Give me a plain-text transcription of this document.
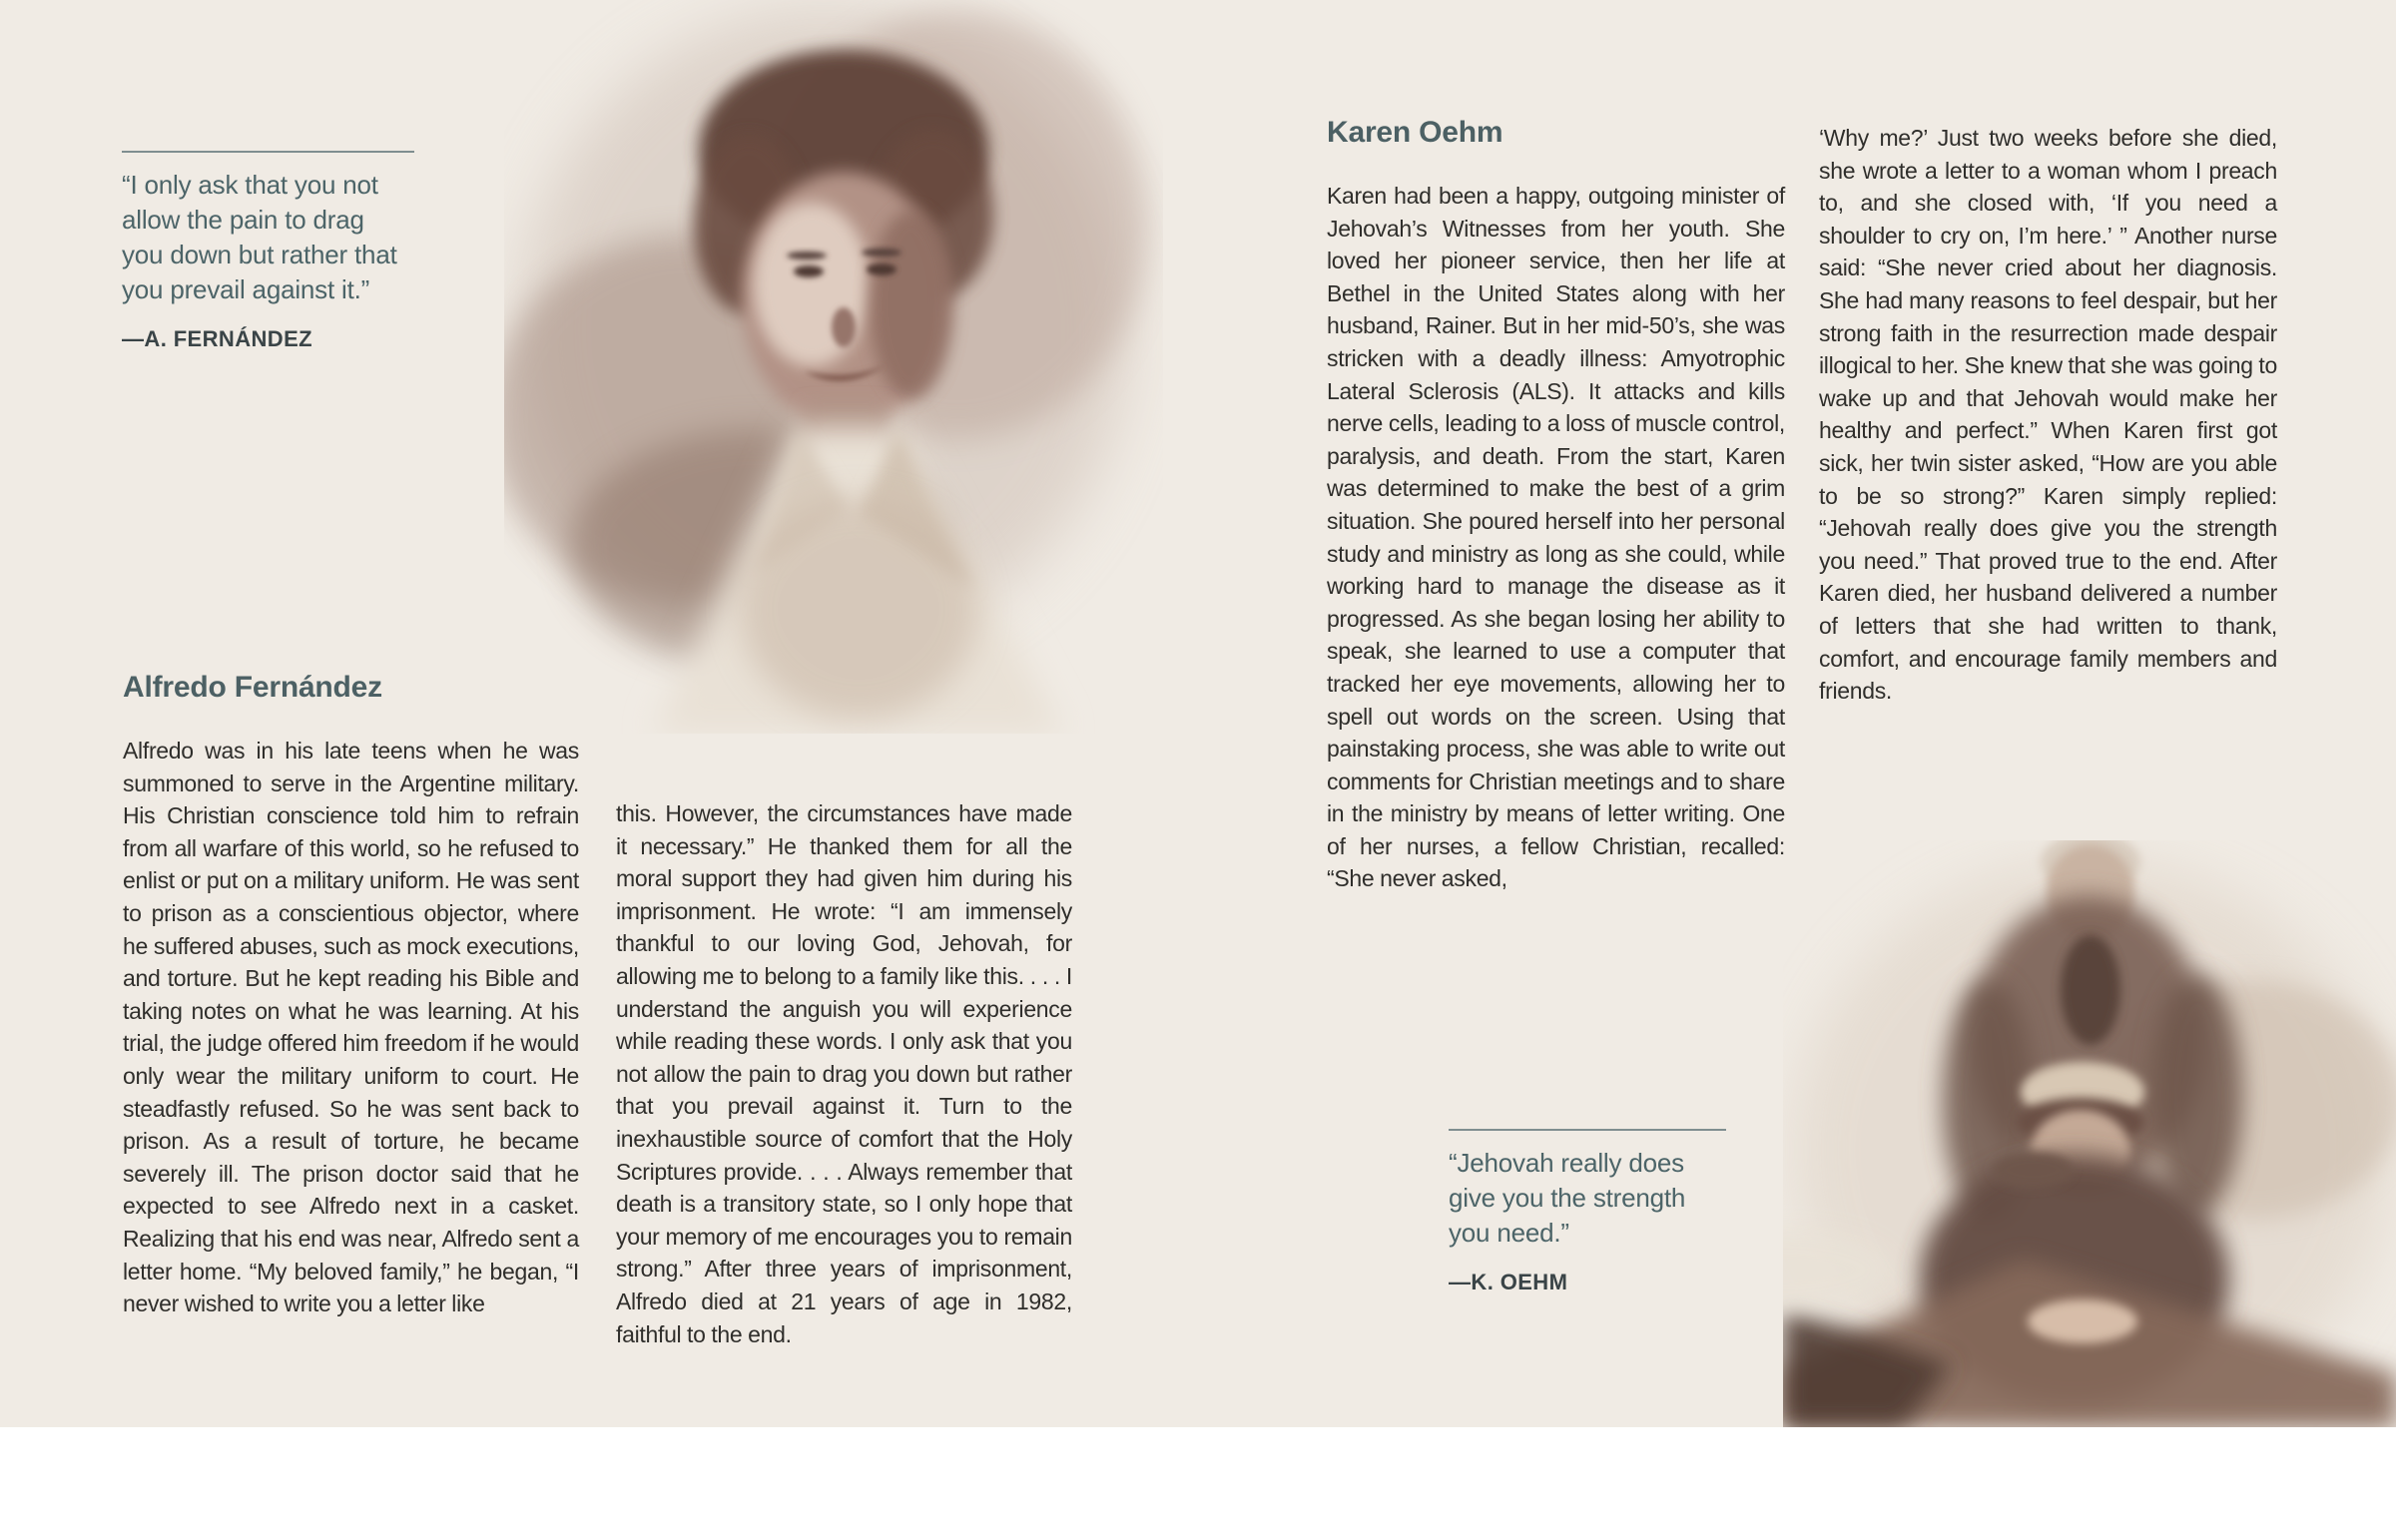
“I only ask that you not
allow the pain to drag
you down but rather that
you prevail against it.”
—A. FERNÁNDEZ
Alfredo Fernández
Alfredo was in his late teens when he was summoned to serve in the Argentine military. His Christian conscience told him to refrain from all warfare of this world, so he refused to enlist or put on a military uniform. He was sent to prison as a conscientious objector, where he suffered abuses, such as mock executions, and torture. But he kept reading his Bible and taking notes on what he was learning. At his trial, the judge offered him freedom if he would only wear the military uniform to court. He steadfastly refused. So he was sent back to prison. As a result of torture, he became severely ill. The prison doctor said that he expected to see Alfredo next in a casket. Realizing that his end was near, Alfredo sent a letter home. “My beloved family,” he began, “I never wished to write you a letter like
this. However, the circumstances have made it necessary.” He thanked them for all the moral support they had given him during his imprisonment. He wrote: “I am immensely thankful to our loving God, Jehovah, for allowing me to belong to a family like this. . . . I understand the anguish you will experience while reading these words. I only ask that you not allow the pain to drag you down but rather that you prevail against it. Turn to the inexhaustible source of comfort that the Holy Scriptures provide. . . . Always remember that death is a transitory state, so I only hope that your memory of me encourages you to remain strong.” After three years of imprisonment, Alfredo died at 21 years of age in 1982, faithful to the end.
Karen Oehm
Karen had been a happy, outgoing minister of Jehovah’s Witnesses from her youth. She loved her pioneer service, then her life at Bethel in the United States along with her husband, Rainer. But in her mid-50’s, she was stricken with a deadly illness: Amyotrophic Lateral Sclerosis (ALS). It attacks and kills nerve cells, leading to a loss of muscle control, paralysis, and death. From the start, Karen was determined to make the best of a grim situation. She poured herself into her personal study and ministry as long as she could, while working hard to manage the disease as it progressed. As she began losing her ability to speak, she learned to use a computer that tracked her eye movements, allowing her to spell out words on the screen. Using that painstaking process, she was able to write out comments for Christian meetings and to share in the ministry by means of letter writing. One of her nurses, a fellow Christian, recalled: “She never asked,
‘Why me?’ Just two weeks before she died, she wrote a letter to a woman whom I preach to, and she closed with, ‘If you need a shoulder to cry on, I’m here.’ ” Another nurse said: “She never cried about her diagnosis. She had many reasons to feel despair, but her strong faith in the resurrection made despair illogical to her. She knew that she was going to wake up and that Jehovah would make her healthy and perfect.” When Karen first got sick, her twin sister asked, “How are you able to be so strong?” Karen simply replied: “Jehovah really does give you the strength you need.” That proved true to the end. After Karen died, her husband delivered a number of letters that she had written to thank, comfort, and encourage family members and friends.
“Jehovah really does
give you the strength
you need.”
—K. OEHM
